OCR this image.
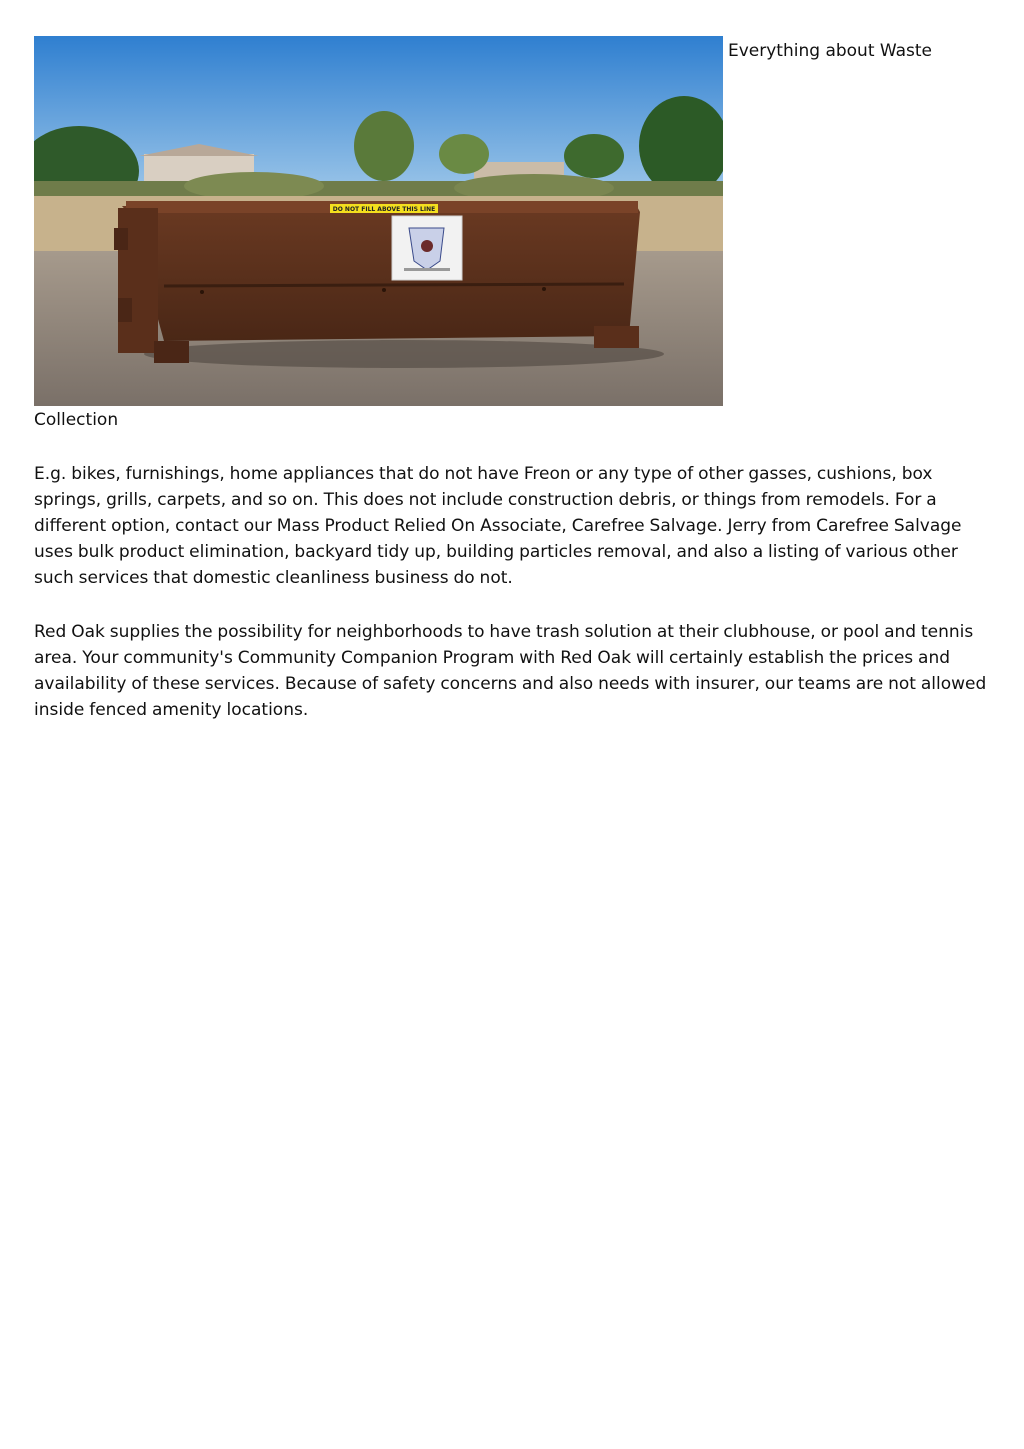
DO NOT FILL ABOVE THIS LINE
Everything about Waste

Collection

E.g. bikes, furnishings, home appliances that do not have Freon or any type of other gasses, cushions, box springs, grills, carpets, and so on. This does not include construction debris, or things from remodels. For a different option, contact our Mass Product Relied On Associate, Carefree Salvage. Jerry from Carefree Salvage uses bulk product elimination, backyard tidy up, building particles removal, and also a listing of various other such services that domestic cleanliness business do not.

Red Oak supplies the possibility for neighborhoods to have trash solution at their clubhouse, or pool and tennis area. Your community's Community Companion Program with Red Oak will certainly establish the prices and availability of these services. Because of safety concerns and also needs with insurer, our teams are not allowed inside fenced amenity locations.
